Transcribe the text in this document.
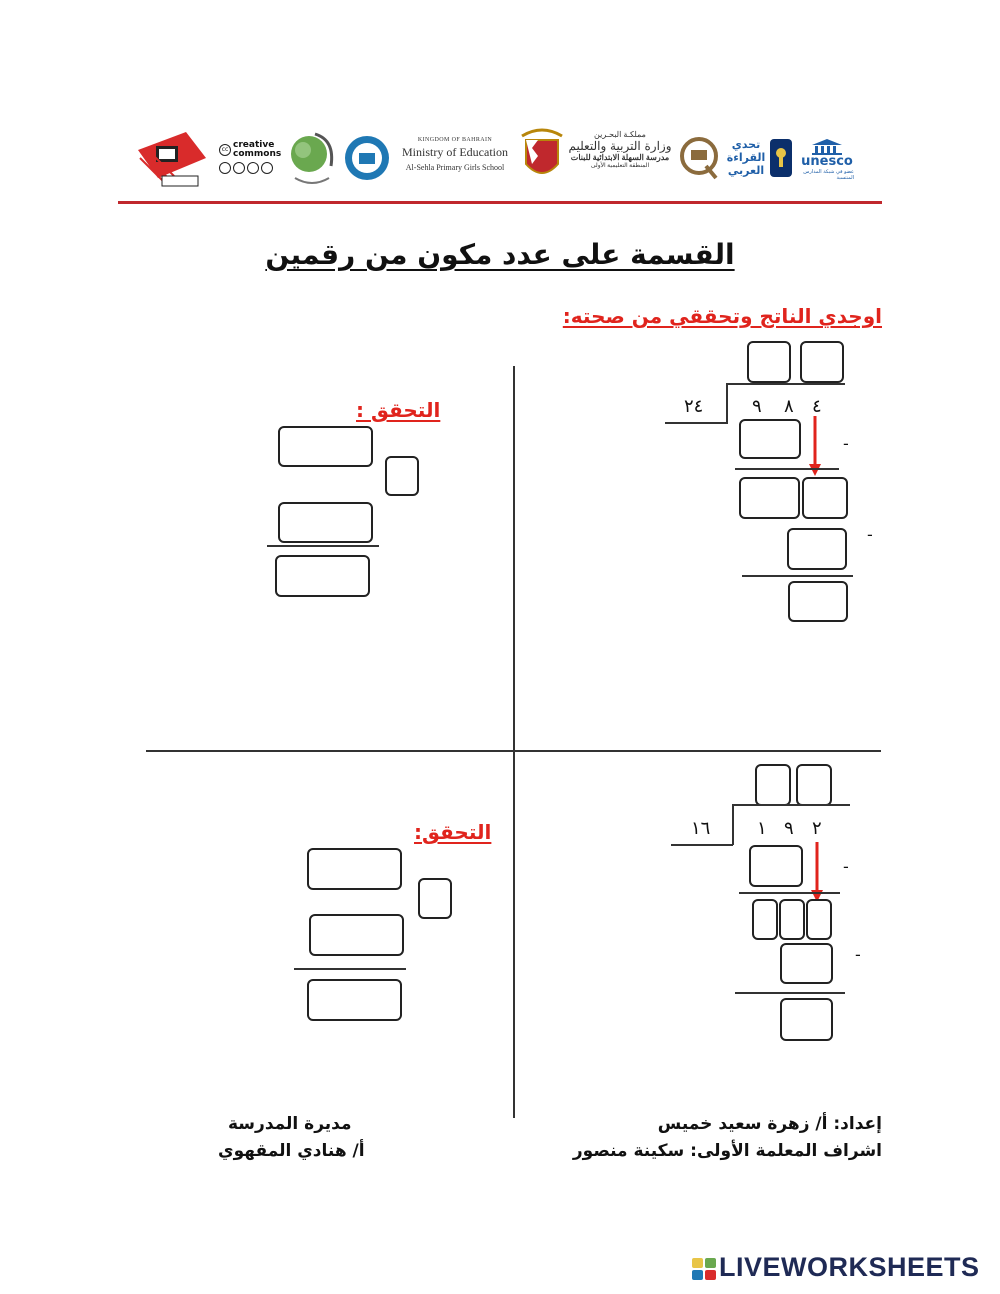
cc creative
commons
KINGDOM OF BAHRAIN
Ministry of Education
Al-Sehla Primary Girls School
مملكـة البحـرين
وزارة التربية والتعليم
مدرسة السهلة الابتدائية للبنات
المنطقة التعليمية الأولى
تحدي القراءة العربي
unesco
عضو في شبكة المدارس المنتسبة
القسمة على عدد مكون من رقمين
اوجدي الناتج وتحققي من صحته:
٢٤	٤
٨
٩
-
-
التحقق :
١٦	٢
٩
١
-
-
التحقق:
إعداد: أ/ زهرة سعيد خميس
اشراف المعلمة الأولى: سكينة منصور
مديرة المدرسة
أ/ هنادي المقهوي
LIVEWORKSHEETS
